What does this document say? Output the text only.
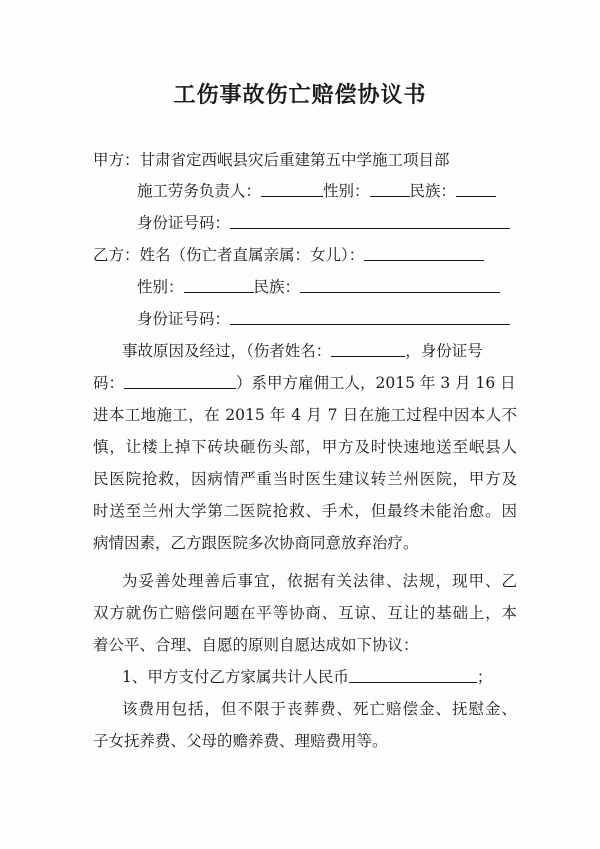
工伤事故伤亡赔偿协议书
甲方：甘肃省定西岷县灾后重建第五中学施工项目部
施工劳务负责人：	性别：	民族：
身份证号码：
乙方：姓名（伤亡者直属亲属：女儿）：
性别：	民族：
身份证号码：
事故原因及经过，（伤者姓名：	，身份证号
码：	）系甲方雇佣工人，2015 年 3 月 16 日
进本工地施工，在 2015 年 4 月 7 日在施工过程中因本人不
慎，让楼上掉下砖块砸伤头部，甲方及时快速地送至岷县人
民医院抢救，因病情严重当时医生建议转兰州医院，甲方及
时送至兰州大学第二医院抢救、手术，但最终未能治愈。因
病情因素，乙方跟医院多次协商同意放弃治疗。
为妥善处理善后事宜，依据有关法律、法规，现甲、乙
双方就伤亡赔偿问题在平等协商、互谅、互让的基础上，本
着公平、合理、自愿的原则自愿达成如下协议：
1、甲方支付乙方家属共计人民币	；
该费用包括，但不限于丧葬费、死亡赔偿金、抚慰金、
子女抚养费、父母的赡养费、理赔费用等。
